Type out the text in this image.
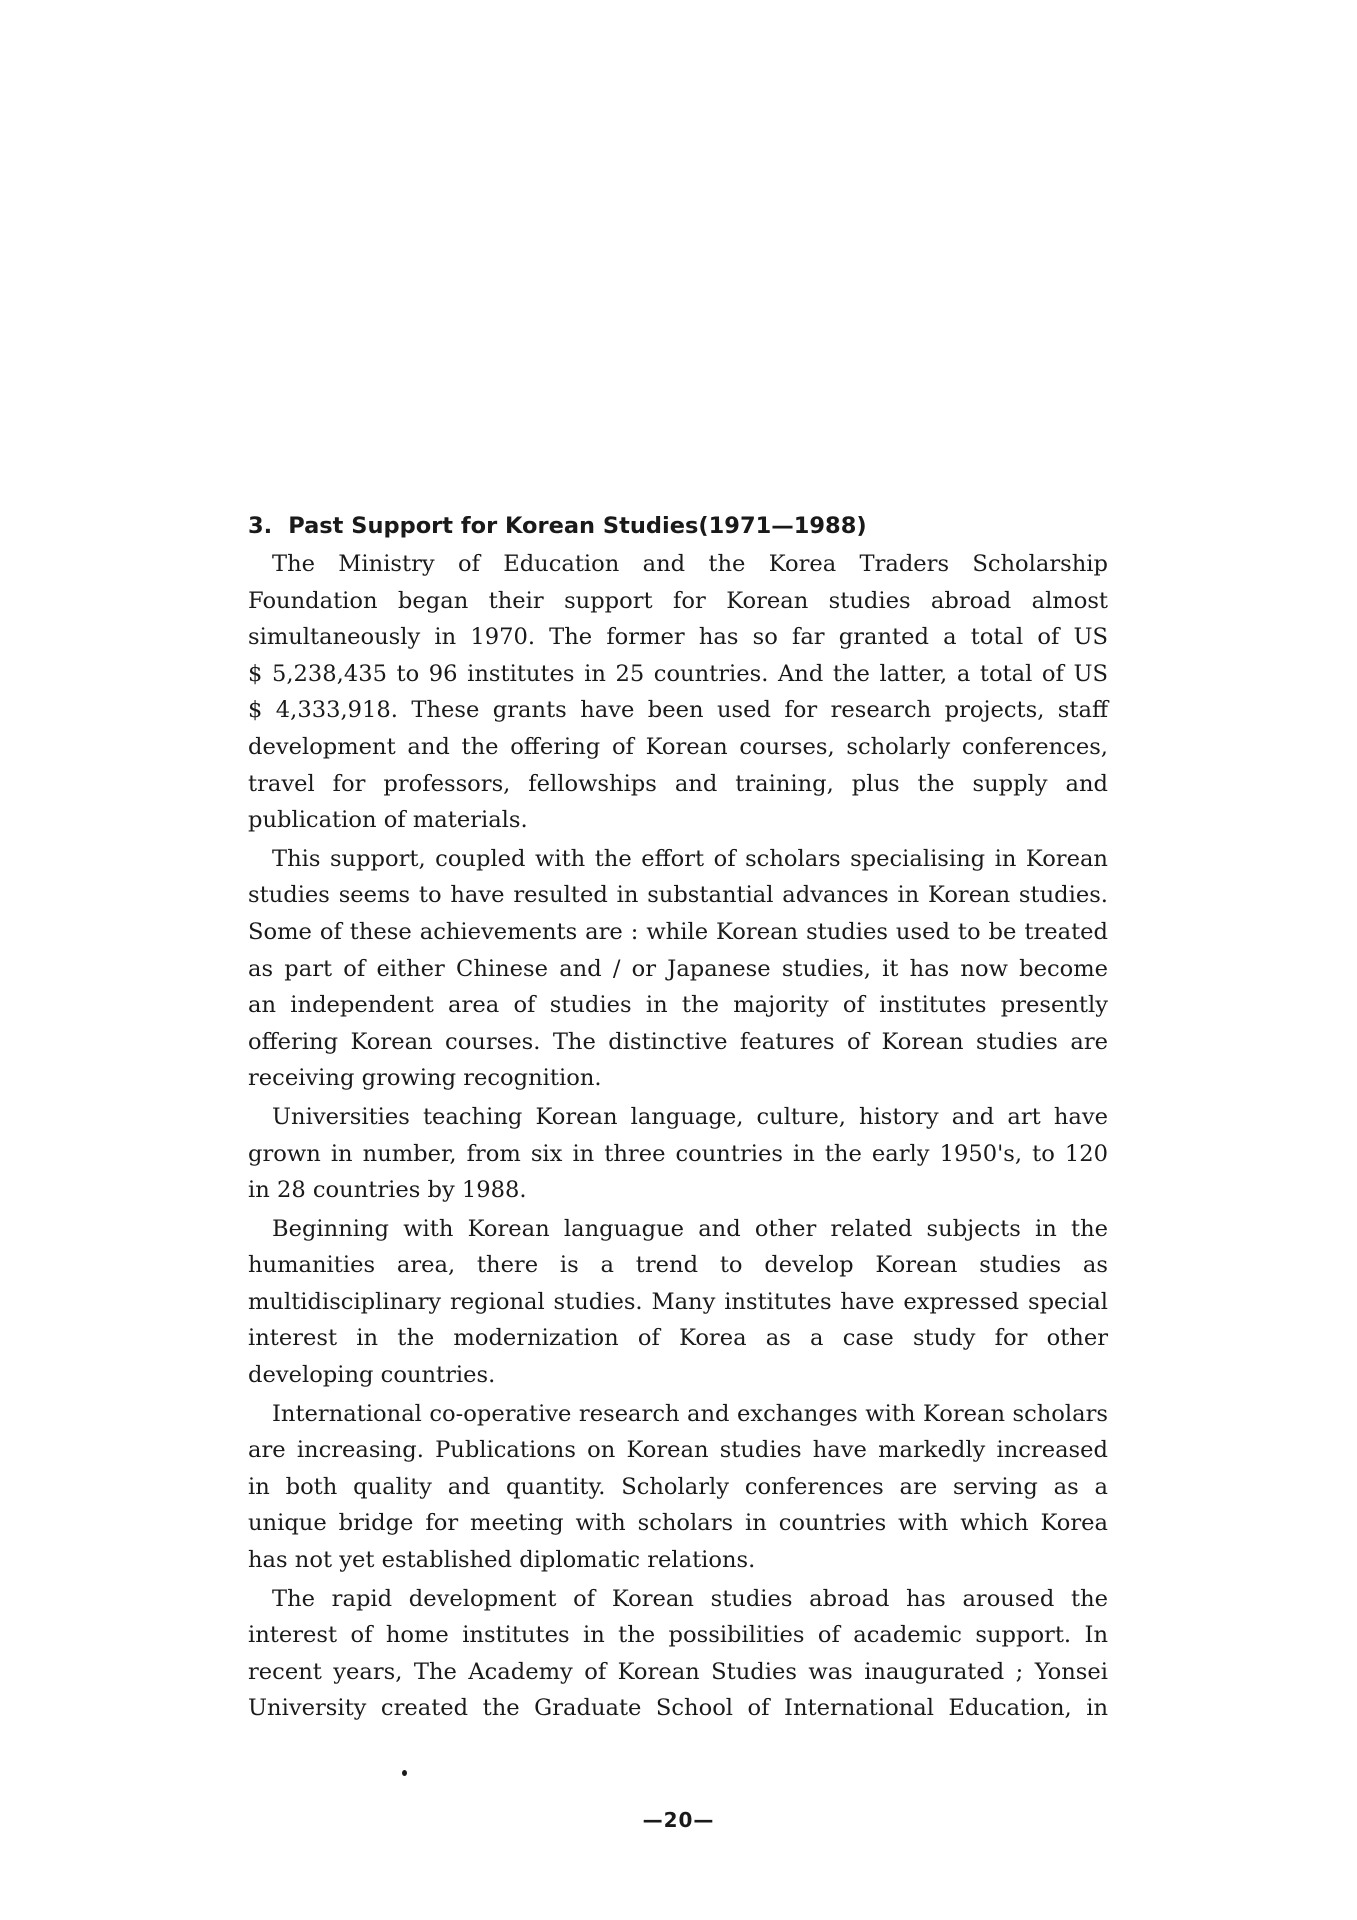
3. Past Support for Korean Studies(1971—1988)
The Ministry of Education and the Korea Traders Scholarship
Foundation began their support for Korean studies abroad almost
simultaneously in 1970. The former has so far granted a total of US
$ 5,238,435 to 96 institutes in 25 countries. And the latter, a total of US
$ 4,333,918. These grants have been used for research projects, staff
development and the offering of Korean courses, scholarly conferences,
travel for professors, fellowships and training, plus the supply and
publication of materials.
This support, coupled with the effort of scholars specialising in Korean
studies seems to have resulted in substantial advances in Korean studies.
Some of these achievements are : while Korean studies used to be treated
as part of either Chinese and / or Japanese studies, it has now become
an independent area of studies in the majority of institutes presently
offering Korean courses. The distinctive features of Korean studies are
receiving growing recognition.
Universities teaching Korean language, culture, history and art have
grown in number, from six in three countries in the early 1950's, to 120
in 28 countries by 1988.
Beginning with Korean languague and other related subjects in the
humanities area, there is a trend to develop Korean studies as
multidisciplinary regional studies. Many institutes have expressed special
interest in the modernization of Korea as a case study for other
developing countries.
International co-operative research and exchanges with Korean scholars
are increasing. Publications on Korean studies have markedly increased
in both quality and quantity. Scholarly conferences are serving as a
unique bridge for meeting with scholars in countries with which Korea
has not yet established diplomatic relations.
The rapid development of Korean studies abroad has aroused the
interest of home institutes in the possibilities of academic support. In
recent years, The Academy of Korean Studies was inaugurated ; Yonsei
University created the Graduate School of International Education, in
—20—
